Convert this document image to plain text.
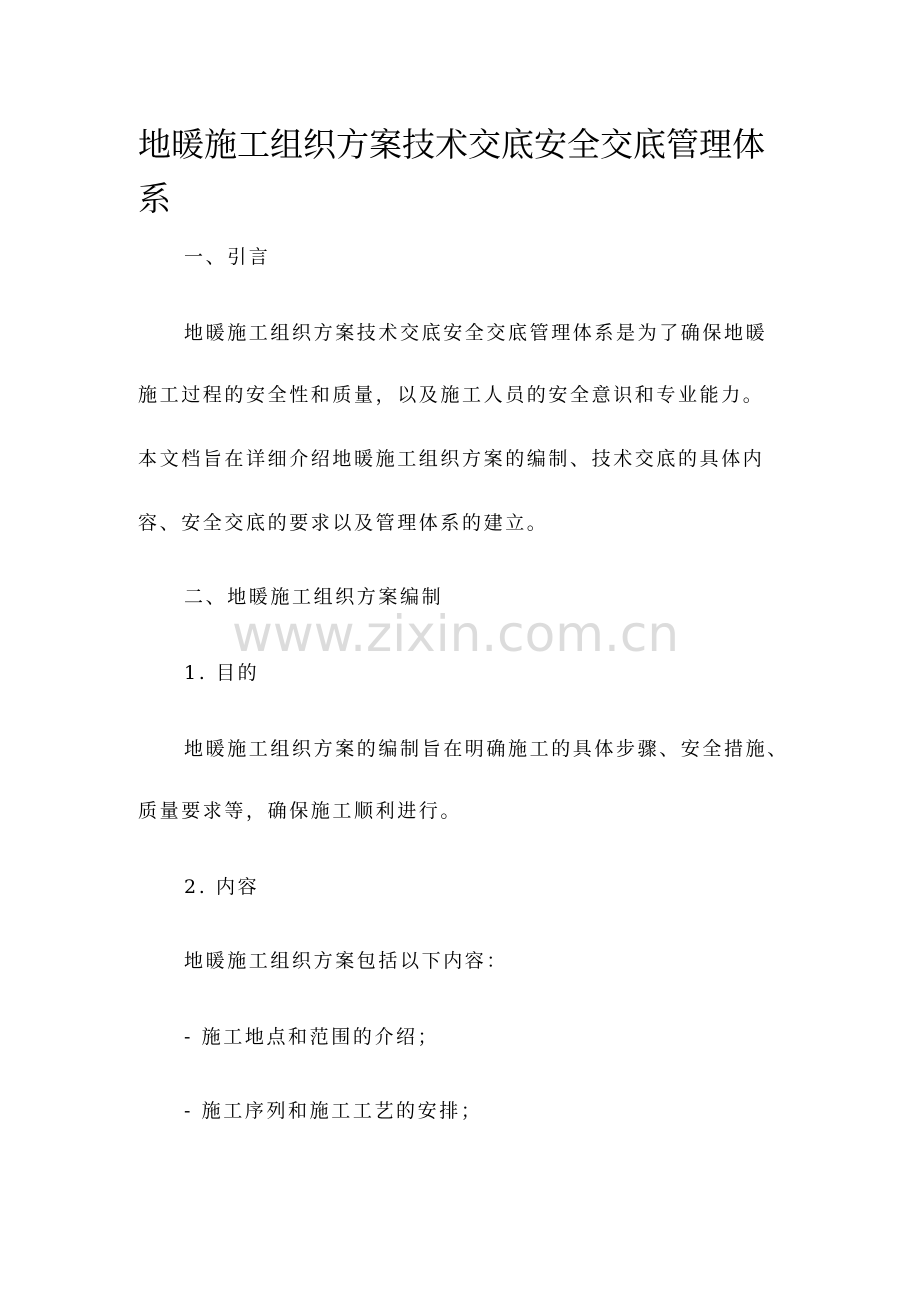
地暖施工组织方案技术交底安全交底管理体系

一、引言

地暖施工组织方案技术交底安全交底管理体系是为了确保地暖

施工过程的安全性和质量，以及施工人员的安全意识和专业能力。

本文档旨在详细介绍地暖施工组织方案的编制、技术交底的具体内

容、安全交底的要求以及管理体系的建立。

二、地暖施工组织方案编制

www.zixin.com.cn

1. 目的

地暖施工组织方案的编制旨在明确施工的具体步骤、安全措施、

质量要求等，确保施工顺利进行。

2. 内容

地暖施工组织方案包括以下内容：

- 施工地点和范围的介绍；

- 施工序列和施工工艺的安排；
